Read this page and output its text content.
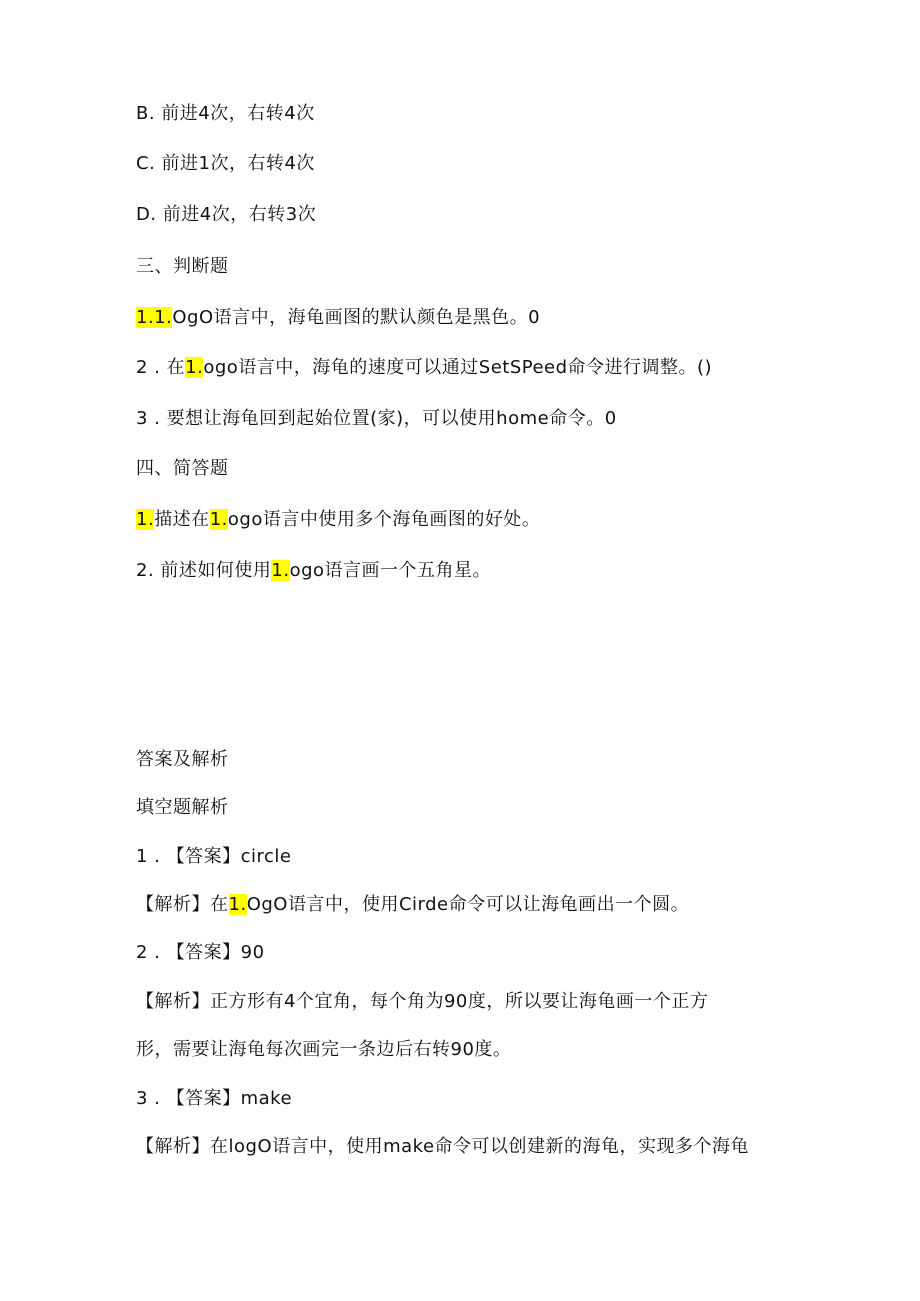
B. 前进4次，右转4次
C. 前进1次，右转4次
D. 前进4次，右转3次
三、判断题
1.1.OgO语言中，海龟画图的默认颜色是黑色。0
2 . 在1.ogo语言中，海龟的速度可以通过SetSPeed命令进行调整。()
3 . 要想让海龟回到起始位置(家)，可以使用home命令。0
四、简答题
1.描述在1.ogo语言中使用多个海龟画图的好处。
2. 前述如何使用1.ogo语言画一个五角星。
答案及解析
填空题解析
1 . 【答案】circle
【解析】在1.OgO语言中，使用Cirde命令可以让海龟画出一个圆。
2 . 【答案】90
【解析】正方形有4个宜角，每个角为90度，所以要让海龟画一个正方
形，需要让海龟每次画完一条边后右转90度。
3 . 【答案】make
【解析】在logO语言中，使用make命令可以创建新的海龟，实现多个海龟
